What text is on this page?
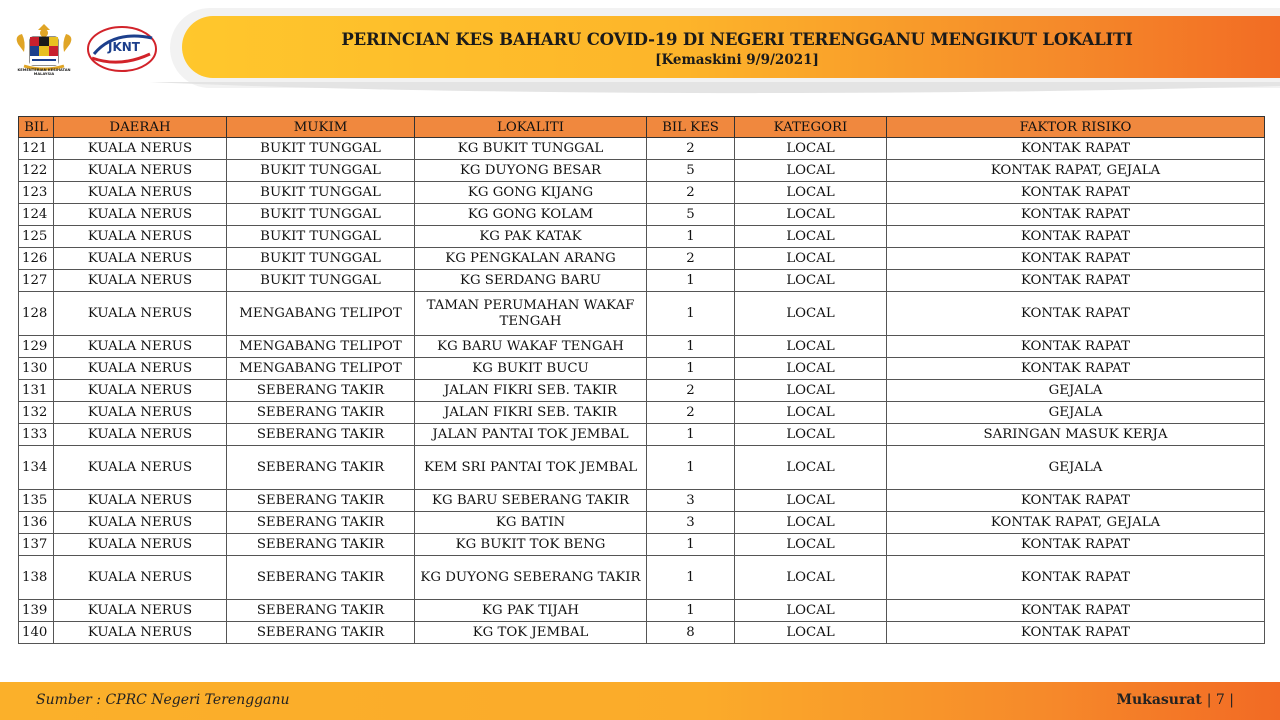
PERINCIAN KES BAHARU COVID-19 DI NEGERI TERENGGANU MENGIKUT LOKALITI
[Kemaskini 9/9/2021]
KEMENTERIAN KESIHATAN MALAYSIA
JKNT
BIL	DAERAH	MUKIM	LOKALITI	BIL KES	KATEGORI	FAKTOR RISIKO
121	KUALA NERUS	BUKIT TUNGGAL	KG BUKIT TUNGGAL	2	LOCAL	KONTAK RAPAT
122	KUALA NERUS	BUKIT TUNGGAL	KG DUYONG BESAR	5	LOCAL	KONTAK RAPAT, GEJALA
123	KUALA NERUS	BUKIT TUNGGAL	KG GONG KIJANG	2	LOCAL	KONTAK RAPAT
124	KUALA NERUS	BUKIT TUNGGAL	KG GONG KOLAM	5	LOCAL	KONTAK RAPAT
125	KUALA NERUS	BUKIT TUNGGAL	KG PAK KATAK	1	LOCAL	KONTAK RAPAT
126	KUALA NERUS	BUKIT TUNGGAL	KG PENGKALAN ARANG	2	LOCAL	KONTAK RAPAT
127	KUALA NERUS	BUKIT TUNGGAL	KG SERDANG BARU	1	LOCAL	KONTAK RAPAT
128	KUALA NERUS	MENGABANG TELIPOT	TAMAN PERUMAHAN WAKAF TENGAH	1	LOCAL	KONTAK RAPAT
129	KUALA NERUS	MENGABANG TELIPOT	KG BARU WAKAF TENGAH	1	LOCAL	KONTAK RAPAT
130	KUALA NERUS	MENGABANG TELIPOT	KG BUKIT BUCU	1	LOCAL	KONTAK RAPAT
131	KUALA NERUS	SEBERANG TAKIR	JALAN FIKRI SEB. TAKIR	2	LOCAL	GEJALA
132	KUALA NERUS	SEBERANG TAKIR	JALAN FIKRI SEB. TAKIR	2	LOCAL	GEJALA
133	KUALA NERUS	SEBERANG TAKIR	JALAN PANTAI TOK JEMBAL	1	LOCAL	SARINGAN MASUK KERJA
134	KUALA NERUS	SEBERANG TAKIR	KEM SRI PANTAI TOK JEMBAL	1	LOCAL	GEJALA
135	KUALA NERUS	SEBERANG TAKIR	KG BARU SEBERANG TAKIR	3	LOCAL	KONTAK RAPAT
136	KUALA NERUS	SEBERANG TAKIR	KG BATIN	3	LOCAL	KONTAK RAPAT, GEJALA
137	KUALA NERUS	SEBERANG TAKIR	KG BUKIT TOK BENG	1	LOCAL	KONTAK RAPAT
138	KUALA NERUS	SEBERANG TAKIR	KG DUYONG SEBERANG TAKIR	1	LOCAL	KONTAK RAPAT
139	KUALA NERUS	SEBERANG TAKIR	KG PAK TIJAH	1	LOCAL	KONTAK RAPAT
140	KUALA NERUS	SEBERANG TAKIR	KG TOK JEMBAL	8	LOCAL	KONTAK RAPAT
Sumber : CPRC Negeri Terengganu	Mukasurat | 7 |
